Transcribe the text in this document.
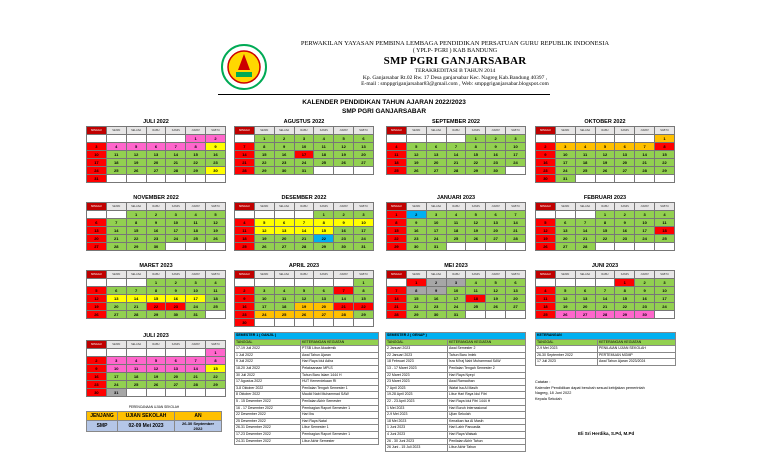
PERWAKILAN YAYASAN PEMBINA LEMBAGA PENDIDIKAN PERSATUAN GURU REPUBLIK INDONESIA
( YPLP- PGRI ) KAB BANDUNG
SMP PGRI GANJARSABAR
TERAKREDITASI B TAHUN 2014
Kp. Ganjarsabar Rt.02 Rw. 17 Desa ganjarsabar Kec. Nagreg Kab.Bandung 40397 ,
E-mail : smppgriganjarsabar83@gmail.com , Web: smppgriganjarsabar.blogspot.com
KALENDER PENDIDIKAN TAHUN AJARAN 2022/2023
SMP PGRI GANJARSABAR
JULI 2022
MINGGU	SENIN	SELASA	RABU	KAMIS	JUMAT	SABTU
					1	2
3	4	5	6	7	8	9
10	11	12	13	14	15	16
17	18	19	20	21	22	23
24	25	26	27	28	29	30
31						
AGUSTUS 2022
MINGGU	SENIN	SELASA	RABU	KAMIS	JUMAT	SABTU
	1	2	3	4	5	6
7	8	9	10	11	12	13
14	15	16	17	18	19	20
21	22	23	24	25	26	27
28	29	30	31			
SEPTEMBER 2022
MINGGU	SENIN	SELASA	RABU	KAMIS	JUMAT	SABTU
				1	2	3
4	5	6	7	8	9	10
11	12	13	14	15	16	17
18	19	20	21	22	23	24
25	26	27	28	29	30	
OKTOBER 2022
MINGGU	SENIN	SELASA	RABU	KAMIS	JUMAT	SABTU
						1
2	3	4	5	6	7	8
9	10	11	12	13	14	15
16	17	18	19	20	21	22
23	24	25	26	27	28	29
30	31					
NOVEMBER 2022
MINGGU	SENIN	SELASA	RABU	KAMIS	JUMAT	SABTU
		1	2	3	4	5
6	7	8	9	10	11	12
13	14	15	16	17	18	19
20	21	22	23	24	25	26
27	28	29	30			
DESEMBER 2022
MINGGU	SENIN	SELASA	RABU	KAMIS	JUMAT	SABTU
				1	2	3
4	5	6	7	8	9	10
11	12	13	14	15	16	17
18	19	20	21	22	23	24
25	26	27	28	29	30	31
JANUARI 2023
MINGGU	SENIN	SELASA	RABU	KAMIS	JUMAT	SABTU
1	2	3	4	5	6	7
8	9	10	11	12	13	14
15	16	17	18	19	20	21
22	23	24	25	26	27	28
29	30	31				
FEBRUARI 2023
MINGGU	SENIN	SELASA	RABU	KAMIS	JUMAT	SABTU
			1	2	3	4
5	6	7	8	9	10	11
12	13	14	15	16	17	18
19	20	21	22	23	24	25
26	27	28				
MARET 2023
MINGGU	SENIN	SELASA	RABU	KAMIS	JUMAT	SABTU
			1	2	3	4
5	6	7	8	9	10	11
12	13	14	15	16	17	18
19	20	21	22	23	24	25
26	27	28	29	30	31	
APRIL 2023
MINGGU	SENIN	SELASA	RABU	KAMIS	JUMAT	SABTU
						1
2	3	4	5	6	7	8
9	10	11	12	13	14	15
16	17	18	19	20	21	22
23	24	25	26	27	28	29
30						
MEI 2023
MINGGU	SENIN	SELASA	RABU	KAMIS	JUMAT	SABTU
	1	2	3	4	5	6
7	8	9	10	11	12	13
14	15	16	17	18	19	20
21	22	23	24	25	26	27
28	29	30	31			
JUNI 2023
MINGGU	SENIN	SELASA	RABU	KAMIS	JUMAT	SABTU
				1	2	3
4	5	6	7	8	9	10
11	12	13	14	15	16	17
18	19	20	21	22	23	24
25	26	27	28	29	30	
JULI 2023
MINGGU	SENIN	SELASA	RABU	KAMIS	JUMAT	SABTU
						1
2	3	4	5	6	7	8
9	10	11	12	13	14	15
16	17	18	19	20	21	22
23	24	25	26	27	28	29
30	31					
SEMESTER 1 ( GANJIL )	
TANGGAL	KETERANGAN KEGIATAN
17-19 Juli 2022	PTSB Libur Akademik
1 Juli 2022	Awal Tahun Ajaran
9 Juli 2022	Hari Raya Idul Adha
18-20 Juli 2022	Pelaksanaan MPLS
30 Juli 2022	Tahun Baru Islam 1444 H
17 Agustus 2022	HUT Kemerdekaan RI
3-8 Oktober 2022	Penilaian Tengah Semester 1
8 Oktober 2022	Maulid Nabi Muhammad SAW
5 - 15 Desember 2022	Penilaian Akhir Semester
16 - 17 Desember 2022	Pembagian Raport Semester 1
22 Desember 2022	Hari Ibu
25 Desember 2022	Hari Raya Natal
26-31 Desember 2022	Libur Semester 1
17-23 Desember 2022	Pembagian Raport Semester 1
24-31 Desember 2022	Libur Akhir Semester
SEMESTER 2 ( GENAP )	
TANGGAL	KETERANGAN KEGIATAN
2 Januari 2023	Awal Semester 2
22 Januari 2023	Tahun Baru Imlek
18 Februari 2023	Isra Mi'raj Nabi Muhammad SAW
13 - 17 Maret 2023	Penilaian Tengah Semester 2
22 Maret 2023	Hari Raya Nyepi
23 Maret 2023	Awal Ramadhan
7 April 2023	Wafat Isa Al Masih
19-28 April 2023	Libur Hari Raya Idul Fitri
22 - 23 April 2023	Hari Raya Idul Fitri 1444 H
1 Mei 2023	Hari Buruh Internasional
2-9 Mei 2023	Ujian Sekolah
18 Mei 2023	Kenaikan Isa Al Masih
1 Juni 2023	Hari Lahir Pancasila
4 Juni 2023	Hari Raya Waisak
26 - 30 Juni 2023	Penilaian Akhir Tahun
26 Juni - 15 Juli 2023	Libur Akhir Tahun
KETERANGAN	
TANGGAL	KETERANGAN KEGIATAN
2-9 Mei 2023	PENILAIAN UJIAN SEKOLAH
26-30 September 2022	PERTEMUAN MGMP
17 Juli 2023	Awal Tahun Ajaran 2023/2024
Catatan :
Kalender Pendidikan dapat berubah sesuai kebijakan pemerintah
Nagreg, 18 Juni 2022
Kepala Sekolah
Eli Sri Herdika, S.Pd, M.Pd
PERENCANAAN UJIAN SEKOLAH
JENJANG	UJIAN SEKOLAH	AN
SMP	02-09 Mei 2023	26-30 September 2022
